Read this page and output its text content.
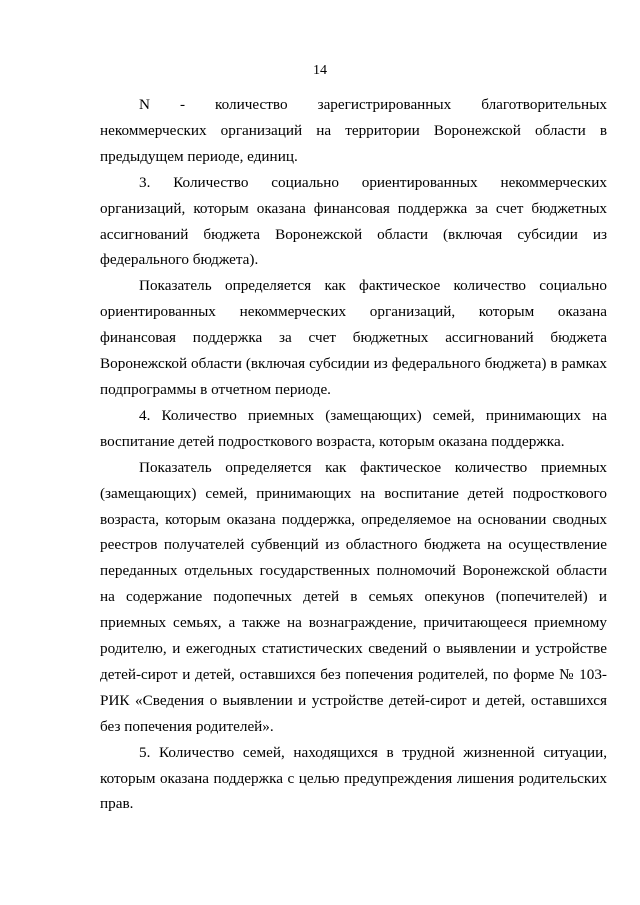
14

N - количество зарегистрированных благотворительных некоммерческих организаций на территории Воронежской области в предыдущем периоде, единиц.

3. Количество социально ориентированных некоммерческих организаций, которым оказана финансовая поддержка за счет бюджетных ассигнований бюджета Воронежской области (включая субсидии из федерального бюджета).

Показатель определяется как фактическое количество социально ориентированных некоммерческих организаций, которым оказана финансовая поддержка за счет бюджетных ассигнований бюджета Воронежской области (включая субсидии из федерального бюджета) в рамках подпрограммы в отчетном периоде.

4. Количество приемных (замещающих) семей, принимающих на воспитание детей подросткового возраста, которым оказана поддержка.

Показатель определяется как фактическое количество приемных (замещающих) семей, принимающих на воспитание детей подросткового возраста, которым оказана поддержка, определяемое на основании сводных реестров получателей субвенций из областного бюджета на осуществление переданных отдельных государственных полномочий Воронежской области на содержание подопечных детей в семьях опекунов (попечителей) и приемных семьях, а также на вознаграждение, причитающееся приемному родителю, и ежегодных статистических сведений о выявлении и устройстве детей-сирот и детей, оставшихся без попечения родителей, по форме № 103-РИК «Сведения о выявлении и устройстве детей-сирот и детей, оставшихся без попечения родителей».

5. Количество семей, находящихся в трудной жизненной ситуации, которым оказана поддержка с целью предупреждения лишения родительских прав.
